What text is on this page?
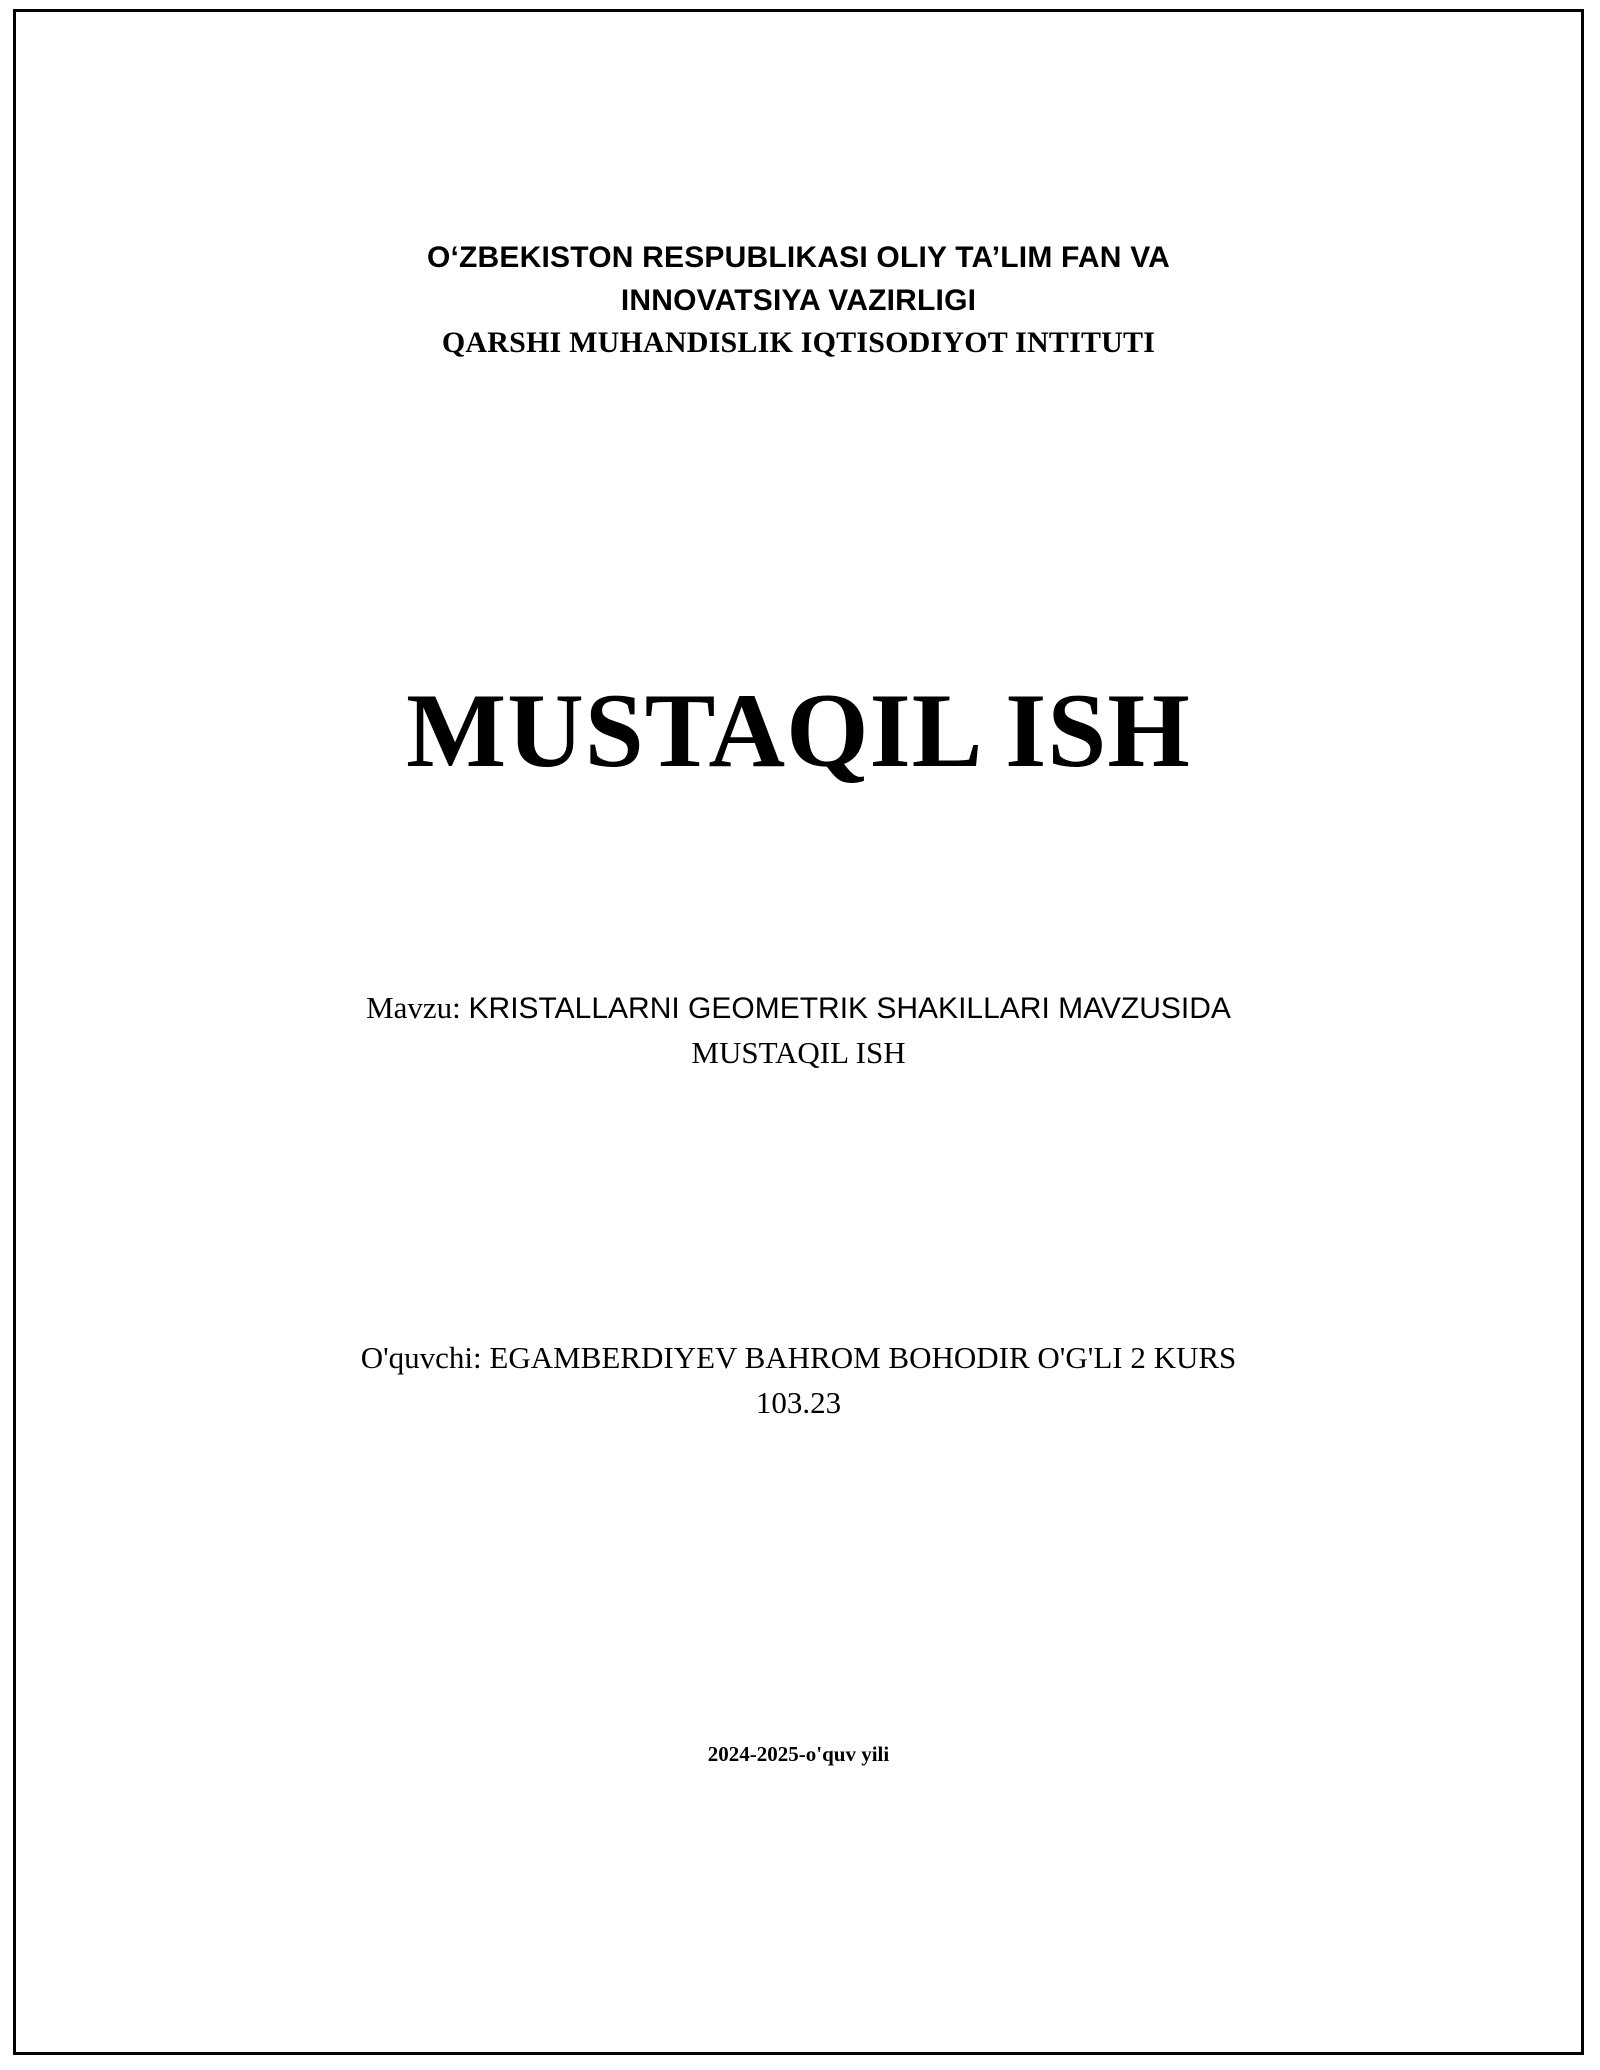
O‘ZBEKISTON RESPUBLIKASI OLIY TA’LIM FAN VA
INNOVATSIYA VAZIRLIGI
QARSHI MUHANDISLIK IQTISODIYOT INTITUTI
MUSTAQIL ISH
Mavzu: KRISTALLARNI GEOMETRIK SHAKILLARI MAVZUSIDA
MUSTAQIL ISH
O'quvchi: EGAMBERDIYEV BAHROM BOHODIR O'G'LI 2 KURS
103.23
2024-2025-o'quv yili
